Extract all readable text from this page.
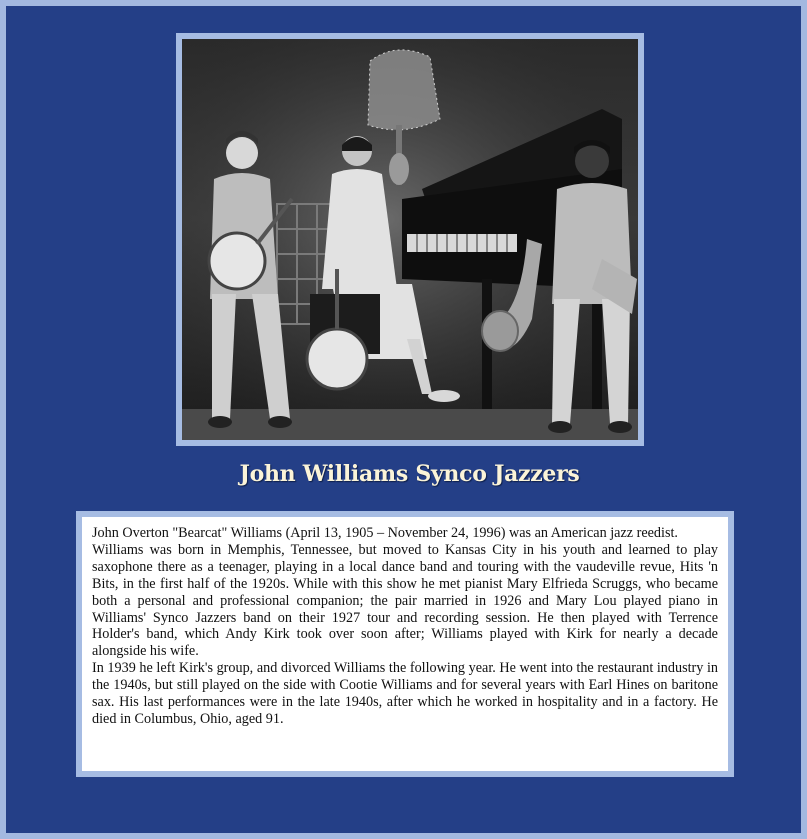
John Williams Synco Jazzers

John Overton "Bearcat" Williams (April 13, 1905 – November 24, 1996) was an American jazz reedist.

Williams was born in Memphis, Tennessee, but moved to Kansas City in his youth and learned to play saxophone there as a teenager, playing in a local dance band and touring with the vaudeville revue, Hits 'n Bits, in the first half of the 1920s. While with this show he met pianist Mary Elfrieda Scruggs, who became both a personal and professional companion; the pair married in 1926 and Mary Lou played piano in Williams' Synco Jazzers band on their 1927 tour and recording session. He then played with Terrence Holder's band, which Andy Kirk took over soon after; Williams played with Kirk for nearly a decade alongside his wife.

In 1939 he left Kirk's group, and divorced Williams the following year. He went into the restaurant industry in the 1940s, but still played on the side with Cootie Williams and for several years with Earl Hines on baritone sax. His last performances were in the late 1940s, after which he worked in hospitality and in a factory. He died in Columbus, Ohio, aged 91.
